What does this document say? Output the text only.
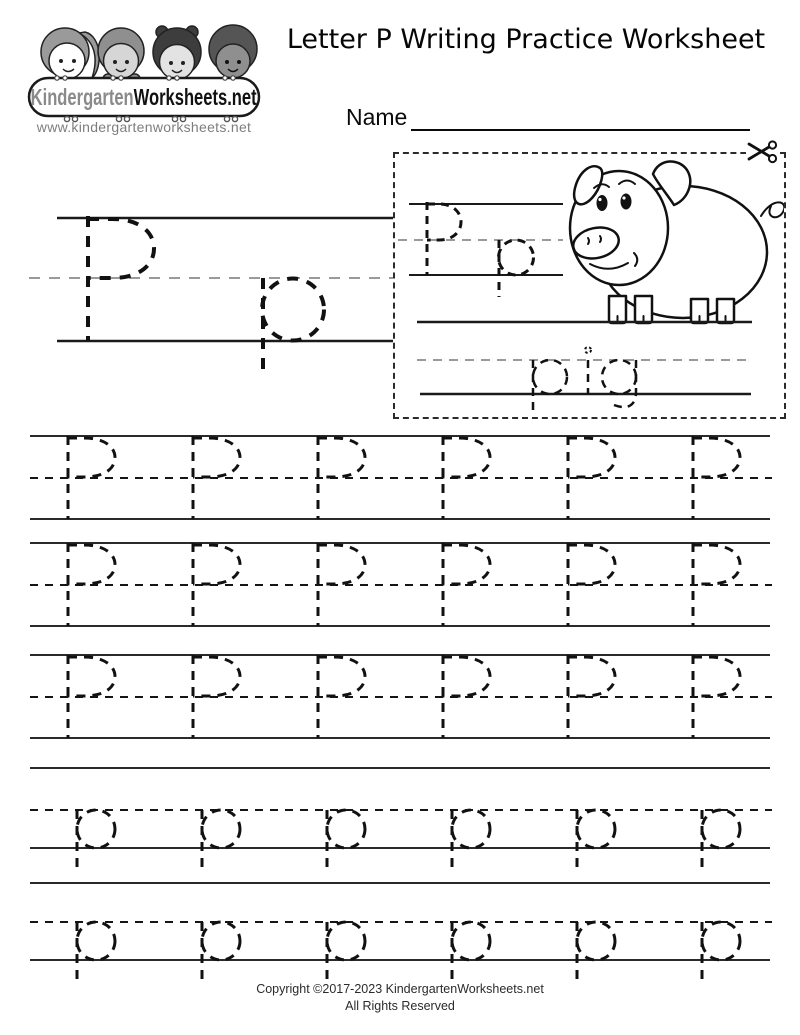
KindergartenWorksheets.net
www.kindergartenworksheets.net
Letter P Writing Practice Worksheet
Name
Copyright ©2017-2023 KindergartenWorksheets.net
All Rights Reserved
